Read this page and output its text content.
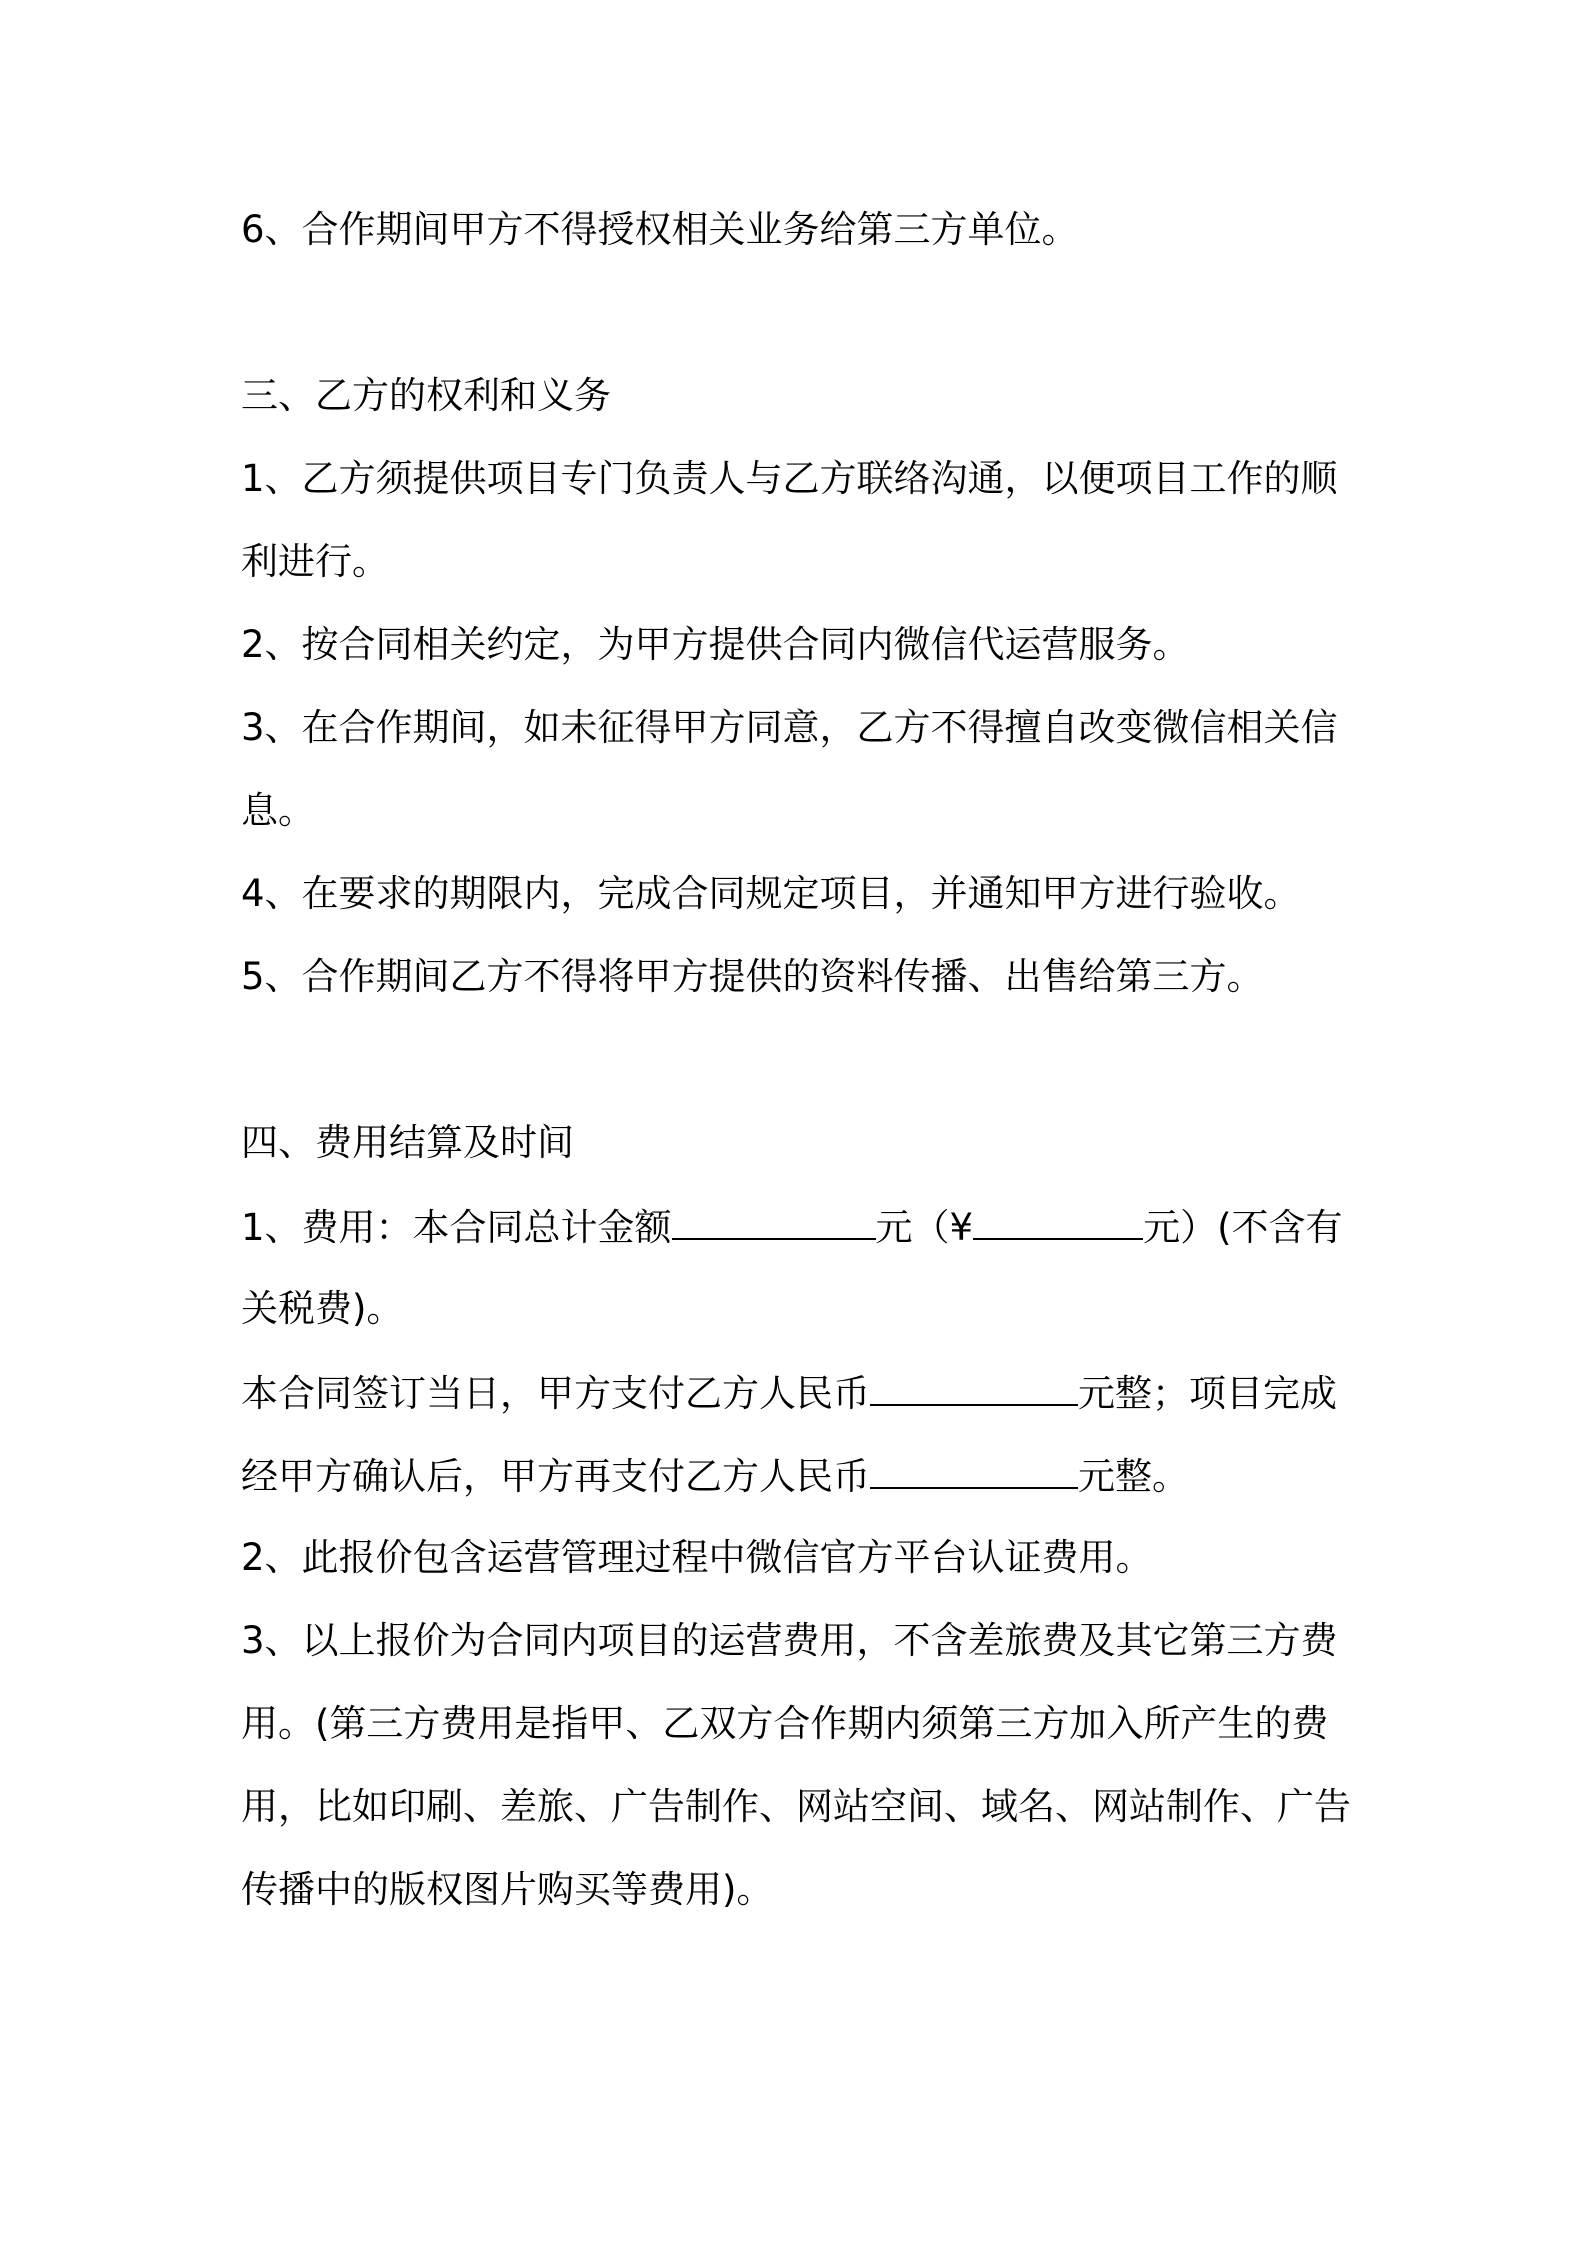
6、合作期间甲方不得授权相关业务给第三方单位。
三、乙方的权利和义务
1、乙方须提供项目专门负责人与乙方联络沟通，以便项目工作的顺
利进行。
2、按合同相关约定，为甲方提供合同内微信代运营服务。
3、在合作期间，如未征得甲方同意，乙方不得擅自改变微信相关信
息。
4、在要求的期限内，完成合同规定项目，并通知甲方进行验收。
5、合作期间乙方不得将甲方提供的资料传播、出售给第三方。
四、费用结算及时间
1、费用：本合同总计金额	元（¥	元）(不含有
关税费)。
本合同签订当日，甲方支付乙方人民币	元整；项目完成
经甲方确认后，甲方再支付乙方人民币	元整。
2、此报价包含运营管理过程中微信官方平台认证费用。
3、以上报价为合同内项目的运营费用，不含差旅费及其它第三方费
用。(第三方费用是指甲、乙双方合作期内须第三方加入所产生的费
用，比如印刷、差旅、广告制作、网站空间、域名、网站制作、广告
传播中的版权图片购买等费用)。
